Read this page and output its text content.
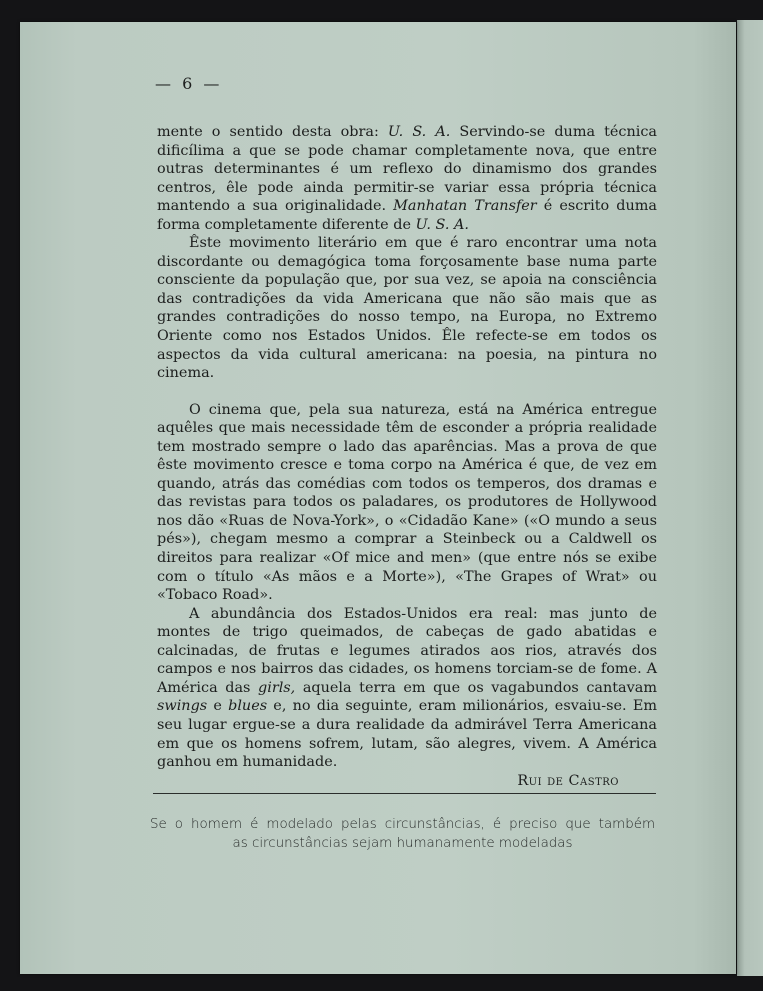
— 6 —

mente o sentido desta obra: U. S. A. Servindo-se duma técnica dificílima a que se pode chamar completamente nova, que entre outras determinantes é um reflexo do dinamismo dos grandes centros, êle pode ainda permitir-se variar essa própria técnica mantendo a sua originalidade. Manhatan Transfer é escrito duma forma completamente diferente de U. S. A.

Êste movimento literário em que é raro encontrar uma nota discordante ou demagógica toma forçosamente base numa parte consciente da população que, por sua vez, se apoia na consciência das contradições da vida Americana que não são mais que as grandes contradições do nosso tempo, na Europa, no Extremo Oriente como nos Estados Unidos. Êle refecte-se em todos os aspectos da vida cultural americana: na poesia, na pintura no cinema.

O cinema que, pela sua natureza, está na América entregue aquêles que mais necessidade têm de esconder a própria realidade tem mostrado sempre o lado das aparências. Mas a prova de que êste movimento cresce e toma corpo na América é que, de vez em quando, atrás das comédias com todos os temperos, dos dramas e das revistas para todos os paladares, os produtores de Hollywood nos dão «Ruas de Nova-York», o «Cidadão Kane» («O mundo a seus pés»), chegam mesmo a comprar a Steinbeck ou a Caldwell os direitos para realizar «Of mice and men» (que entre nós se exibe com o título «As mãos e a Morte»), «The Grapes of Wrat» ou «Tobaco Road».

A abundância dos Estados-Unidos era real: mas junto de montes de trigo queimados, de cabeças de gado abatidas e calcinadas, de frutas e legumes atirados aos rios, através dos campos e nos bairros das cidades, os homens torciam-se de fome. A América das girls, aquela terra em que os vagabundos cantavam swings e blues e, no dia seguinte, eram milionários, esvaiu-se. Em seu lugar ergue-se a dura realidade da admirável Terra Americana em que os homens sofrem, lutam, são alegres, vivem. A América ganhou em humanidade.

Rui de Castro

Se o homem é modelado pelas circunstâncias, é preciso que também
as circunstâncias sejam humanamente modeladas
